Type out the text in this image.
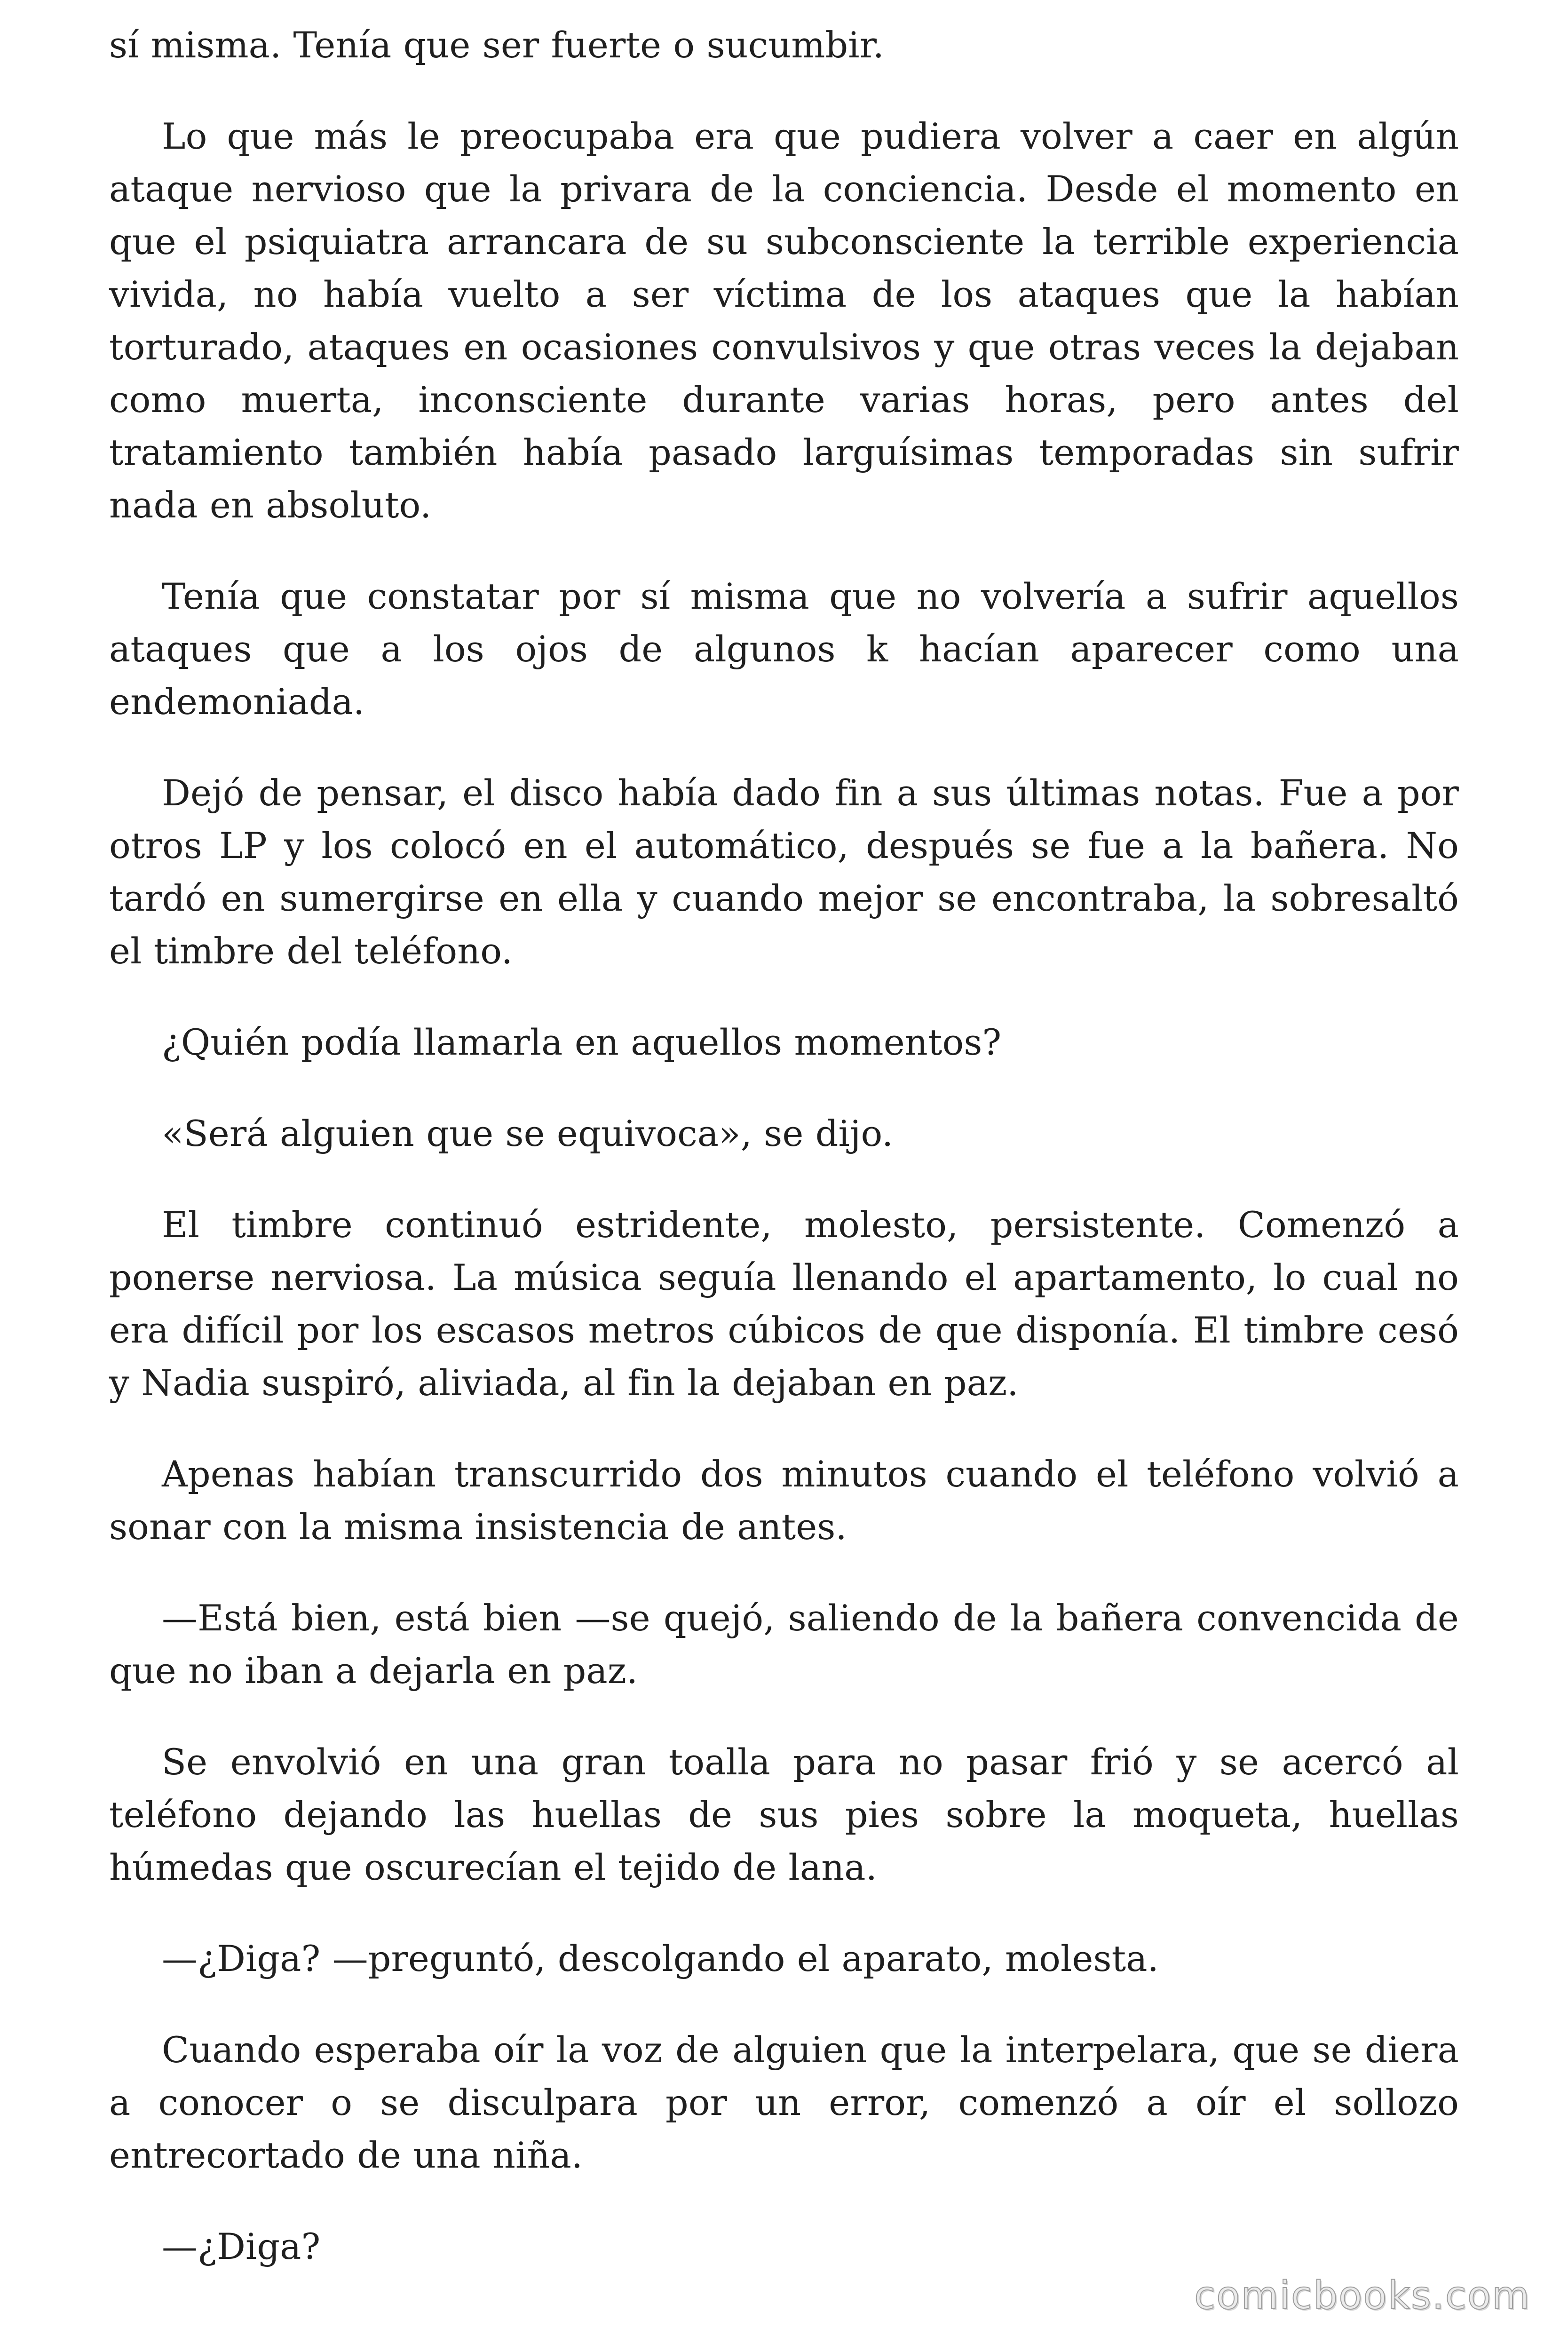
sí misma. Tenía que ser fuerte o sucumbir.

Lo que más le preocupaba era que pudiera volver a caer en algún ataque nervioso que la privara de la conciencia. Desde el momento en que el psiquiatra arrancara de su subconsciente la terrible experiencia vivida, no había vuelto a ser víctima de los ataques que la habían torturado, ataques en ocasiones convulsivos y que otras veces la dejaban como muerta, inconsciente durante varias horas, pero antes del tratamiento también había pasado larguísimas temporadas sin sufrir nada en absoluto.

Tenía que constatar por sí misma que no volvería a sufrir aquellos ataques que a los ojos de algunos k hacían aparecer como una endemoniada.

Dejó de pensar, el disco había dado fin a sus últimas notas. Fue a por otros LP y los colocó en el automático, después se fue a la bañera. No tardó en sumergirse en ella y cuando mejor se encontraba, la sobresaltó el timbre del teléfono.

¿Quién podía llamarla en aquellos momentos?

«Será alguien que se equivoca», se dijo.

El timbre continuó estridente, molesto, persistente. Comenzó a ponerse nerviosa. La música seguía llenando el apartamento, lo cual no era difícil por los escasos metros cúbicos de que disponía. El timbre cesó y Nadia suspiró, aliviada, al fin la dejaban en paz.

Apenas habían transcurrido dos minutos cuando el teléfono volvió a sonar con la misma insistencia de antes.

—Está bien, está bien —se quejó, saliendo de la bañera convencida de que no iban a dejarla en paz.

Se envolvió en una gran toalla para no pasar frió y se acercó al teléfono dejando las huellas de sus pies sobre la moqueta, huellas húmedas que oscurecían el tejido de lana.

—¿Diga? —preguntó, descolgando el aparato, molesta.

Cuando esperaba oír la voz de alguien que la interpelara, que se diera a conocer o se disculpara por un error, comenzó a oír el sollozo entrecortado de una niña.

—¿Diga?

comicbooks.com
